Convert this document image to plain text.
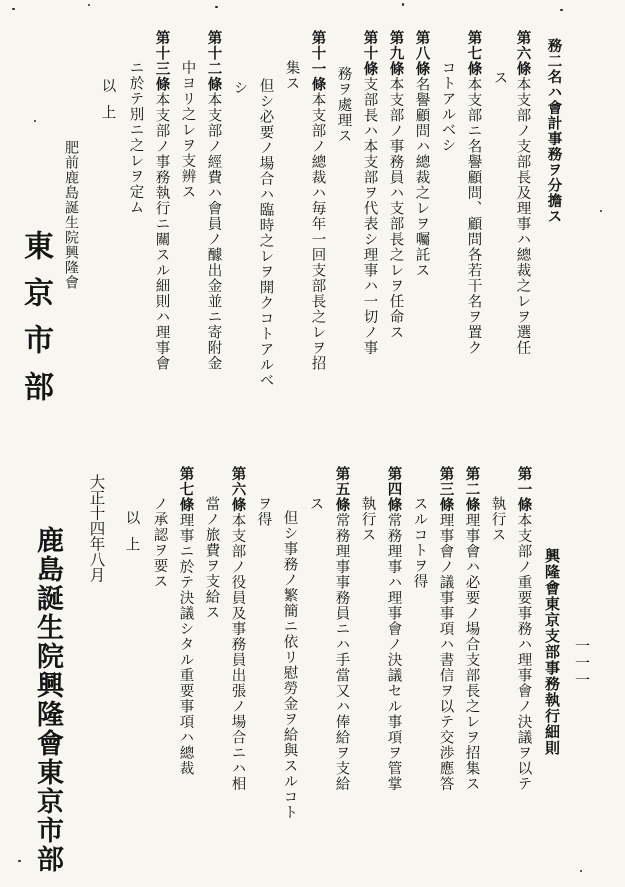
一一一
務二名ハ會計事務ヲ分擔ス
第六條本支部ノ支部長及理事ハ總裁之レヲ選任
ス
第七條本支部ニ名譽顧問、顧問各若干名ヲ置ク
コトアルベシ
第八條名譽顧問ハ總裁之レヲ囑託ス
第九條本支部ノ事務員ハ支部長之レヲ任命ス
第十條支部長ハ本支部ヲ代表シ理事ハ一切ノ事
務ヲ處理ス
第十一條本支部ノ總裁ハ毎年一回支部長之レヲ招
集ス
但シ必要ノ場合ハ臨時之レヲ開クコトアルベ
シ
第十二條本支部ノ經費ハ會員ノ醵出金並ニ寄附金
中ヨリ之レヲ支辨ス
第十三條本支部ノ事務執行ニ關スル細則ハ理事會
ニ於テ別ニ之レヲ定ム
以上
肥前鹿島誕生院興隆會
東京市部
興隆會東京支部事務執行細則
第一條本支部ノ重要事務ハ理事會ノ決議ヲ以テ
執行ス
第二條理事會ハ必要ノ場合支部長之レヲ招集ス
第三條理事會ノ議事事項ハ書信ヲ以テ交渉應答
スルコトヲ得
第四條常務理事ハ理事會ノ決議セル事項ヲ管掌
執行ス
第五條常務理事事務員ニハ手當又ハ俸給ヲ支給
ス
但シ事務ノ繁簡ニ依リ慰勞金ヲ給與スルコト
ヲ得
第六條本支部ノ役員及事務員出張ノ場合ニハ相
當ノ旅費ヲ支給ス
第七條理事ニ於テ決議シタル重要事項ハ總裁
ノ承認ヲ要ス
以上
大正十四年八月
鹿島誕生院興隆會東京市部
